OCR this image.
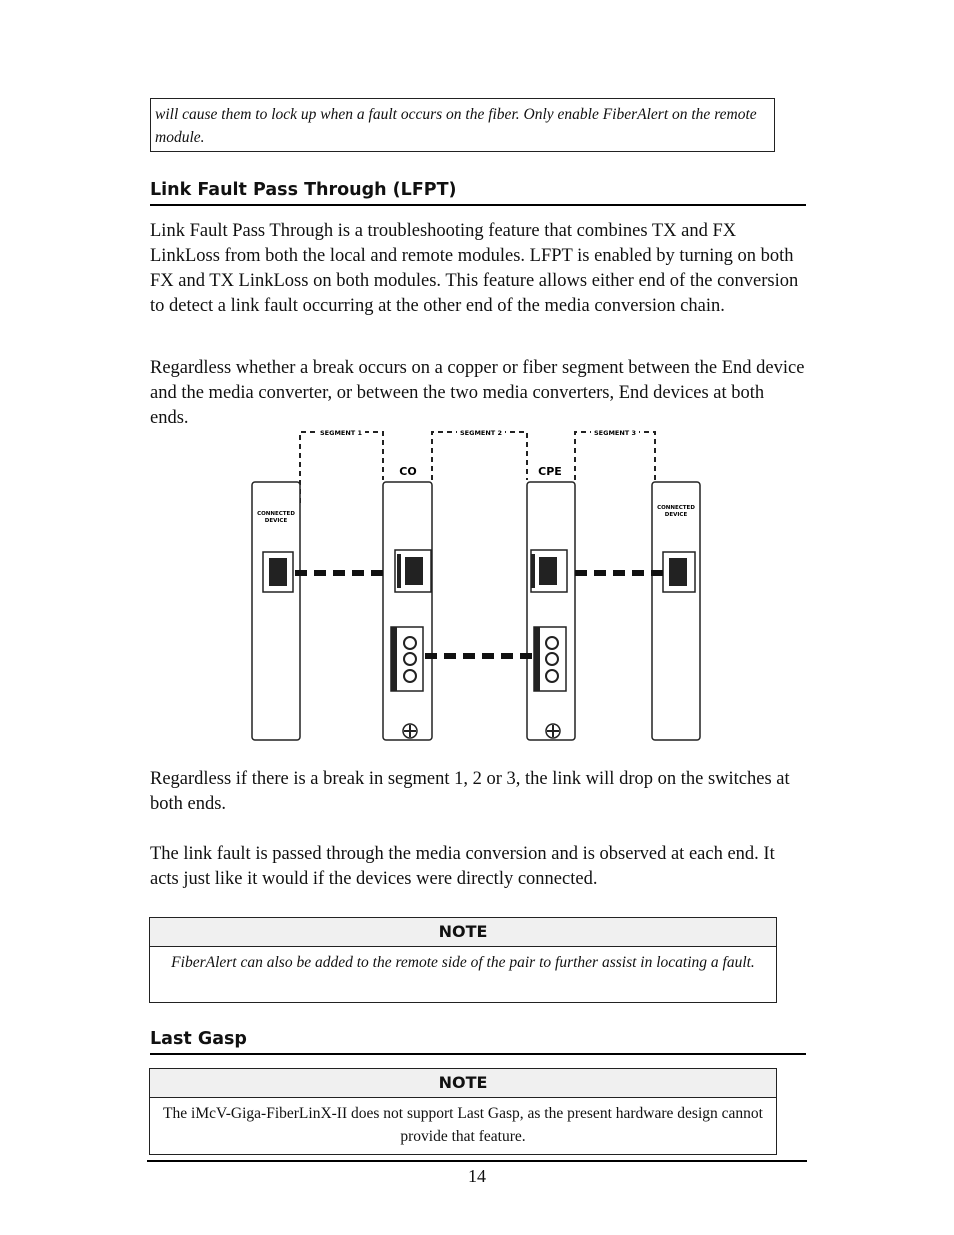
will cause them to lock up when a fault occurs on the fiber. Only enable FiberAlert on the remote module.
Link Fault Pass Through (LFPT)
Link Fault Pass Through is a troubleshooting feature that combines TX and FX LinkLoss from both the local and remote modules. LFPT is enabled by turning on both FX and TX LinkLoss on both modules. This feature allows either end of the conversion to detect a link fault occurring at the other end of the media conversion chain.
Regardless whether a break occurs on a copper or fiber segment between the End device and the media converter, or between the two media converters, End devices at both ends.
SEGMENT 1	SEGMENT 2	SEGMENT 3
CO	CPE
CONNECTED
DEVICE
CONNECTED
DEVICE
Regardless if there is a break in segment 1, 2 or 3, the link will drop on the switches at both ends.
The link fault is passed through the media conversion and is observed at each end. It acts just like it would if the devices were directly connected.
NOTE
FiberAlert can also be added to the remote side of the pair to further assist in locating a fault.
Last Gasp
NOTE
The iMcV-Giga-FiberLinX-II does not support Last Gasp, as the present hardware design cannot provide that feature.
14
